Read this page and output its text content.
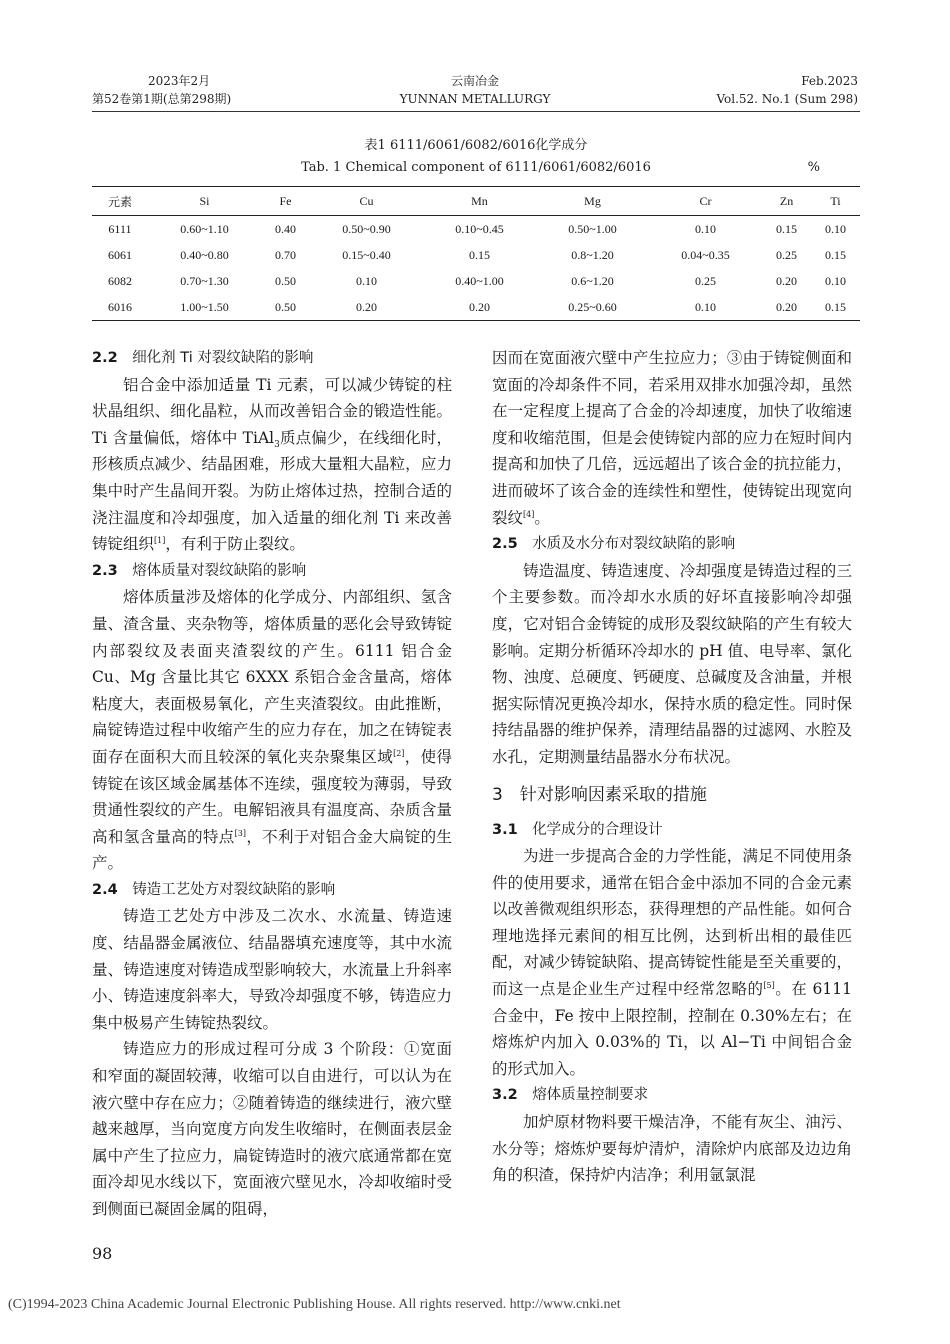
2023年2月
第52卷第1期(总第298期)
云南冶金
YUNNAN METALLURGY
Feb.2023
Vol.52. No.1 (Sum 298)
表1 6111/6061/6082/6016化学成分
Tab. 1 Chemical component of 6111/6061/6082/6016	%
元素	Si	Fe	Cu	Mn	Mg	Cr	Zn	Ti
6111	0.60~1.10	0.40	0.50~0.90	0.10~0.45	0.50~1.00	0.10	0.15	0.10
6061	0.40~0.80	0.70	0.15~0.40	0.15	0.8~1.20	0.04~0.35	0.25	0.15
6082	0.70~1.30	0.50	0.10	0.40~1.00	0.6~1.20	0.25	0.20	0.10
6016	1.00~1.50	0.50	0.20	0.20	0.25~0.60	0.10	0.20	0.15
2.2  细化剂 Ti 对裂纹缺陷的影响

铝合金中添加适量 Ti 元素，可以减少铸锭的柱状晶组织、细化晶粒，从而改善铝合金的锻造性能。Ti 含量偏低，熔体中 TiAl$_3$质点偏少，在线细化时，形核质点减少、结晶困难，形成大量粗大晶粒，应力集中时产生晶间开裂。为防止熔体过热，控制合适的浇注温度和冷却强度，加入适量的细化剂 Ti 来改善铸锭组织[1]，有利于防止裂纹。

2.3  熔体质量对裂纹缺陷的影响

熔体质量涉及熔体的化学成分、内部组织、氢含量、渣含量、夹杂物等，熔体质量的恶化会导致铸锭内部裂纹及表面夹渣裂纹的产生。6111 铝合金 Cu、Mg 含量比其它 6XXX 系铝合金含量高，熔体粘度大，表面极易氧化，产生夹渣裂纹。由此推断，扁锭铸造过程中收缩产生的应力存在，加之在铸锭表面存在面积大而且较深的氧化夹杂聚集区域[2]，使得铸锭在该区域金属基体不连续，强度较为薄弱，导致贯通性裂纹的产生。电解铝液具有温度高、杂质含量高和氢含量高的特点[3]，不利于对铝合金大扁锭的生产。

2.4  铸造工艺处方对裂纹缺陷的影响

铸造工艺处方中涉及二次水、水流量、铸造速度、结晶器金属液位、结晶器填充速度等，其中水流量、铸造速度对铸造成型影响较大，水流量上升斜率小、铸造速度斜率大，导致冷却强度不够，铸造应力集中极易产生铸锭热裂纹。

铸造应力的形成过程可分成 3 个阶段：①宽面和窄面的凝固较薄，收缩可以自由进行，可以认为在液穴壁中存在应力；②随着铸造的继续进行，液穴壁越来越厚，当向宽度方向发生收缩时，在侧面表层金属中产生了拉应力，扁锭铸造时的液穴底通常都在宽面冷却见水线以下，宽面液穴壁见水，冷却收缩时受到侧面已凝固金属的阻碍，

因而在宽面液穴壁中产生拉应力；③由于铸锭侧面和宽面的冷却条件不同，若采用双排水加强冷却，虽然在一定程度上提高了合金的冷却速度，加快了收缩速度和收缩范围，但是会使铸锭内部的应力在短时间内提高和加快了几倍，远远超出了该合金的抗拉能力，进而破坏了该合金的连续性和塑性，使铸锭出现宽向裂纹[4]。

2.5  水质及水分布对裂纹缺陷的影响

铸造温度、铸造速度、冷却强度是铸造过程的三个主要参数。而冷却水水质的好坏直接影响冷却强度，它对铝合金铸锭的成形及裂纹缺陷的产生有较大影响。定期分析循环冷却水的 pH 值、电导率、氯化物、浊度、总硬度、钙硬度、总碱度及含油量，并根据实际情况更换冷却水，保持水质的稳定性。同时保持结晶器的维护保养，清理结晶器的过滤网、水腔及水孔，定期测量结晶器水分布状况。

3　针对影响因素采取的措施
3.1  化学成分的合理设计

为进一步提高合金的力学性能，满足不同使用条件的使用要求，通常在铝合金中添加不同的合金元素以改善微观组织形态，获得理想的产品性能。如何合理地选择元素间的相互比例，达到析出相的最佳匹配，对减少铸锭缺陷、提高铸锭性能是至关重要的，而这一点是企业生产过程中经常忽略的[5]。在 6111 合金中，Fe 按中上限控制，控制在 0.30%左右；在熔炼炉内加入 0.03%的 Ti，以 Al−Ti 中间铝合金的形式加入。

3.2  熔体质量控制要求

加炉原材物料要干燥洁净，不能有灰尘、油污、水分等；熔炼炉要每炉清炉，清除炉内底部及边边角角的积渣，保持炉内洁净；利用氩氯混

98
(C)1994-2023 China Academic Journal Electronic Publishing House. All rights reserved. http://www.cnki.net
